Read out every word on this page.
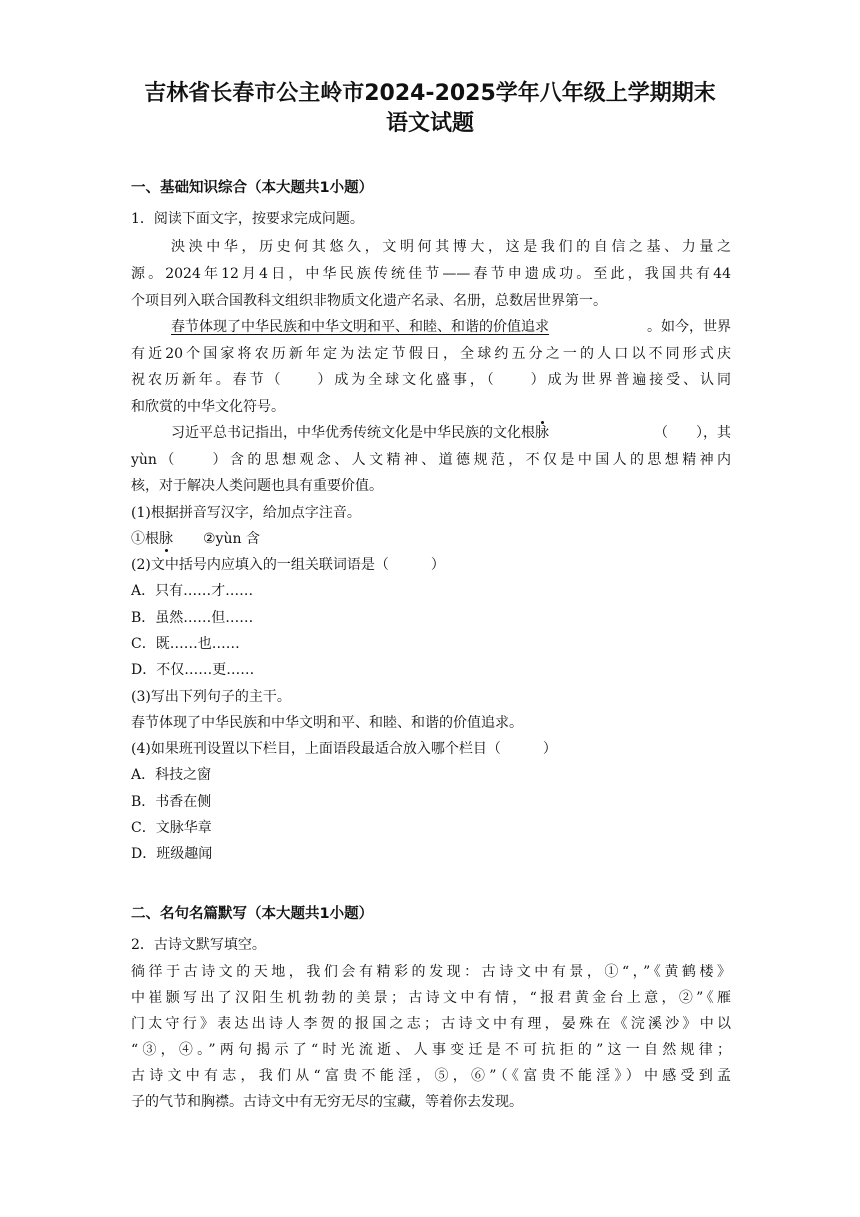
吉林省长春市公主岭市2024-2025学年八年级上学期期末
语文试题
一、基础知识综合（本大题共1小题）
1．阅读下面文字，按要求完成问题。
泱泱中华，历史何其悠久，文明何其博大，这是我们的自信之基、力量之
源。2024年12月4日，中华民族传统佳节——春节申遗成功。至此，我国共有44
个项目列入联合国教科文组织非物质文化遗产名录、名册，总数居世界第一。
春节体现了中华民族和中华文明和平、和睦、和谐的价值追求	。如今，世界
有近20个国家将农历新年定为法定节假日，全球约五分之一的人口以不同形式庆
祝农历新年。春节（　　）成为全球文化盛事，（　　）成为世界普遍接受、认同
和欣赏的中华文化符号。
习近平总书记指出，中华优秀传统文化是中华民族的文化根脉	（　　），其
yùn（　　）含的思想观念、人文精神、道德规范，不仅是中国人的思想精神内
核，对于解决人类问题也具有重要价值。
(1)根据拼音写汉字，给加点字注音。
①根脉 ②yùn 含
(2)文中括号内应填入的一组关联词语是（　　　）
A．只有……才……
B．虽然……但……
C．既……也……
D．不仅……更……
(3)写出下列句子的主干。
春节体现了中华民族和中华文明和平、和睦、和谐的价值追求。
(4)如果班刊设置以下栏目，上面语段最适合放入哪个栏目（　　　）
A．科技之窗
B．书香在侧
C．文脉华章
D．班级趣闻
二、名句名篇默写（本大题共1小题）
2．古诗文默写填空。
徜徉于古诗文的天地，我们会有精彩的发现：古诗文中有景，①“，”《黄鹤楼》
中崔颢写出了汉阳生机勃勃的美景；古诗文中有情，“报君黄金台上意，②”《雁
门太守行》表达出诗人李贺的报国之志；古诗文中有理，晏殊在《浣溪沙》中以
“③，④。”两句揭示了“时光流逝、人事变迁是不可抗拒的”这一自然规律；
古诗文中有志，我们从“富贵不能淫，⑤，⑥”（《富贵不能淫》）中感受到孟
子的气节和胸襟。古诗文中有无穷无尽的宝藏，等着你去发现。
